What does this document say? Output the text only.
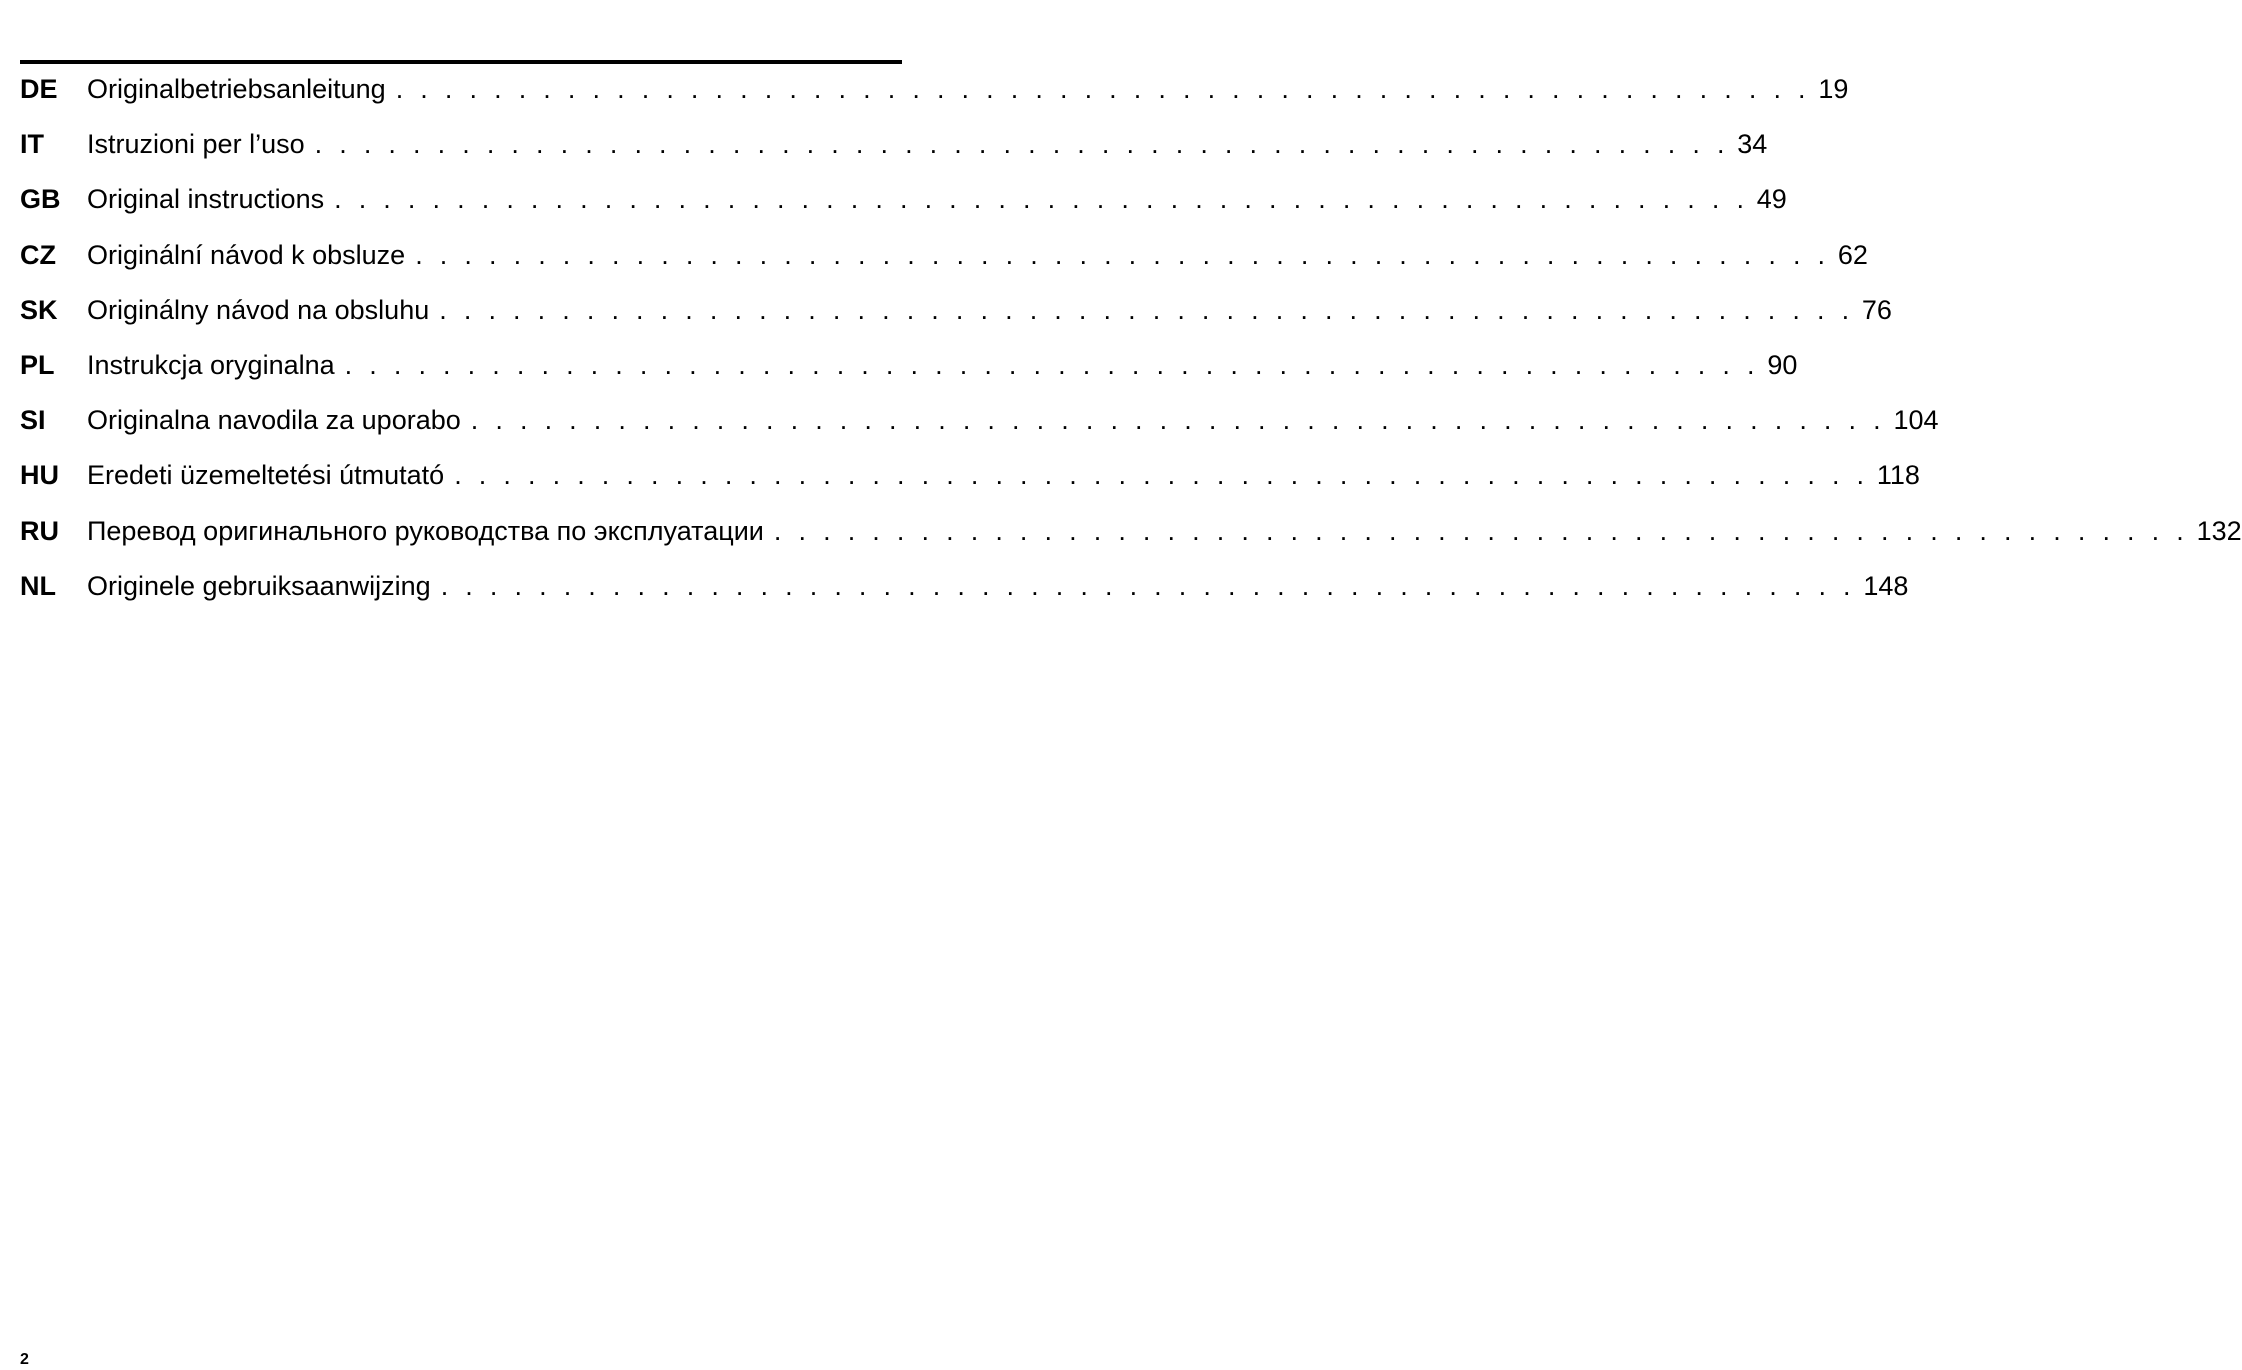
DE	Originalbetriebsanleitung . . . . . . . . . . . . . . . . . . . . . . . . . . . . . . . . . . . . . . . . . . . . . . . . . . . . . . . . . . 19
IT	Istruzioni per l’uso . . . . . . . . . . . . . . . . . . . . . . . . . . . . . . . . . . . . . . . . . . . . . . . . . . . . . . . . . . 34
GB Original instructions . . . . . . . . . . . . . . . . . . . . . . . . . . . . . . . . . . . . . . . . . . . . . . . . . . . . . . . . . . 49
CZ	Originální návod k obsluze . . . . . . . . . . . . . . . . . . . . . . . . . . . . . . . . . . . . . . . . . . . . . . . . . . . . . . . . . . 62
SK	Originálny návod na obsluhu . . . . . . . . . . . . . . . . . . . . . . . . . . . . . . . . . . . . . . . . . . . . . . . . . . . . . . . . . . 76
PL	Instrukcja oryginalna . . . . . . . . . . . . . . . . . . . . . . . . . . . . . . . . . . . . . . . . . . . . . . . . . . . . . . . . . . 90
SI	Originalna navodila za uporabo . . . . . . . . . . . . . . . . . . . . . . . . . . . . . . . . . . . . . . . . . . . . . . . . . . . . . . . . . . 104
HU	Eredeti üzemeltetési útmutató . . . . . . . . . . . . . . . . . . . . . . . . . . . . . . . . . . . . . . . . . . . . . . . . . . . . . . . . . . 118
RU	Перевод оригинального руководства по эксплуатации . . . . . . . . . . . . . . . . . . . . . . . . . . . . . . . . . . . . . . . . . . . . . . . . . . . . . . . . . . 132
NL	Originele gebruiksaanwijzing . . . . . . . . . . . . . . . . . . . . . . . . . . . . . . . . . . . . . . . . . . . . . . . . . . . . . . . . . . 148
2
